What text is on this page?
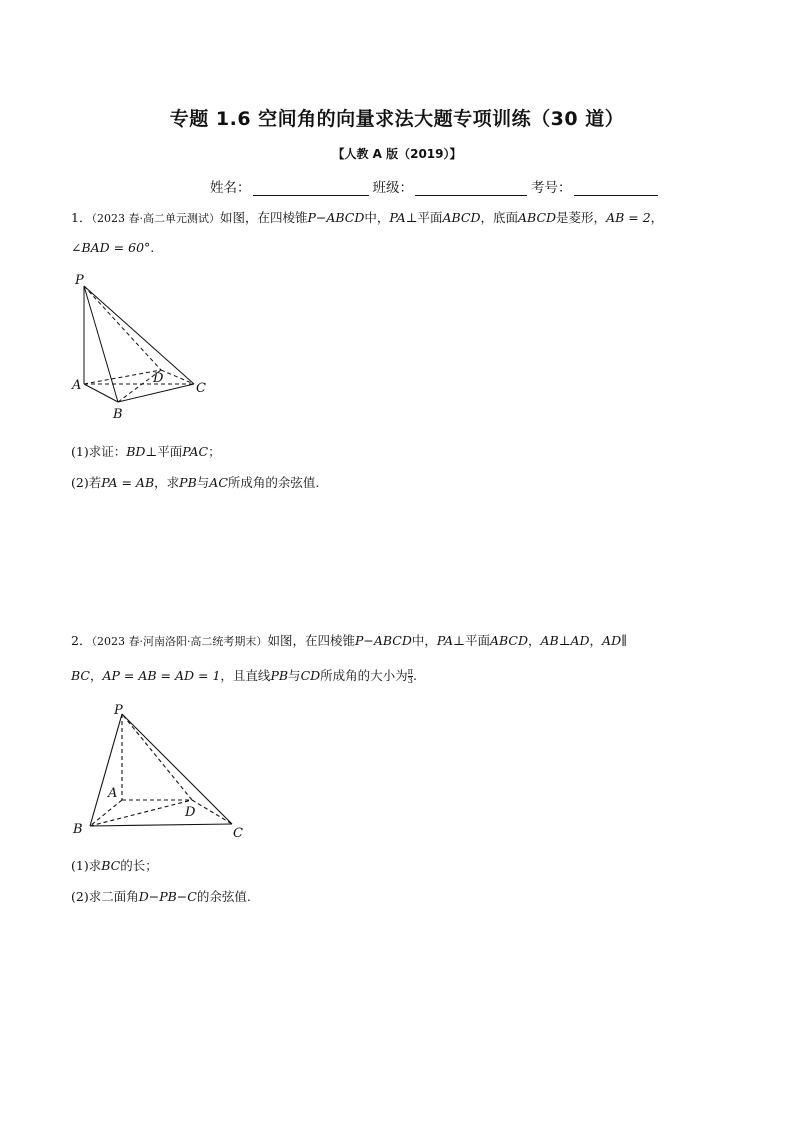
专题 1.6 空间角的向量求法大题专项训练（30 道）
【人教 A 版（2019）】
姓名：	班级：	考号：
1．（2023 春·高二单元测试）如图，在四棱锥P−ABCD中，PA⊥平面ABCD，底面ABCD是菱形，AB = 2，
∠BAD = 60°.
P
A
B
C
D
(1)求证：BD⊥平面PAC；
(2)若PA = AB，求PB与AC所成角的余弦值.
2．（2023 春·河南洛阳·高二统考期末）如图，在四棱锥P−ABCD中，PA⊥平面ABCD，AB⊥AD，AD∥
BC，AP = AB = AD = 1，且直线PB与CD所成角的大小为 $\frac{\pi}{3}$ .
P
A
B	C
D
(1)求BC的长；
(2)求二面角D−PB−C的余弦值.
